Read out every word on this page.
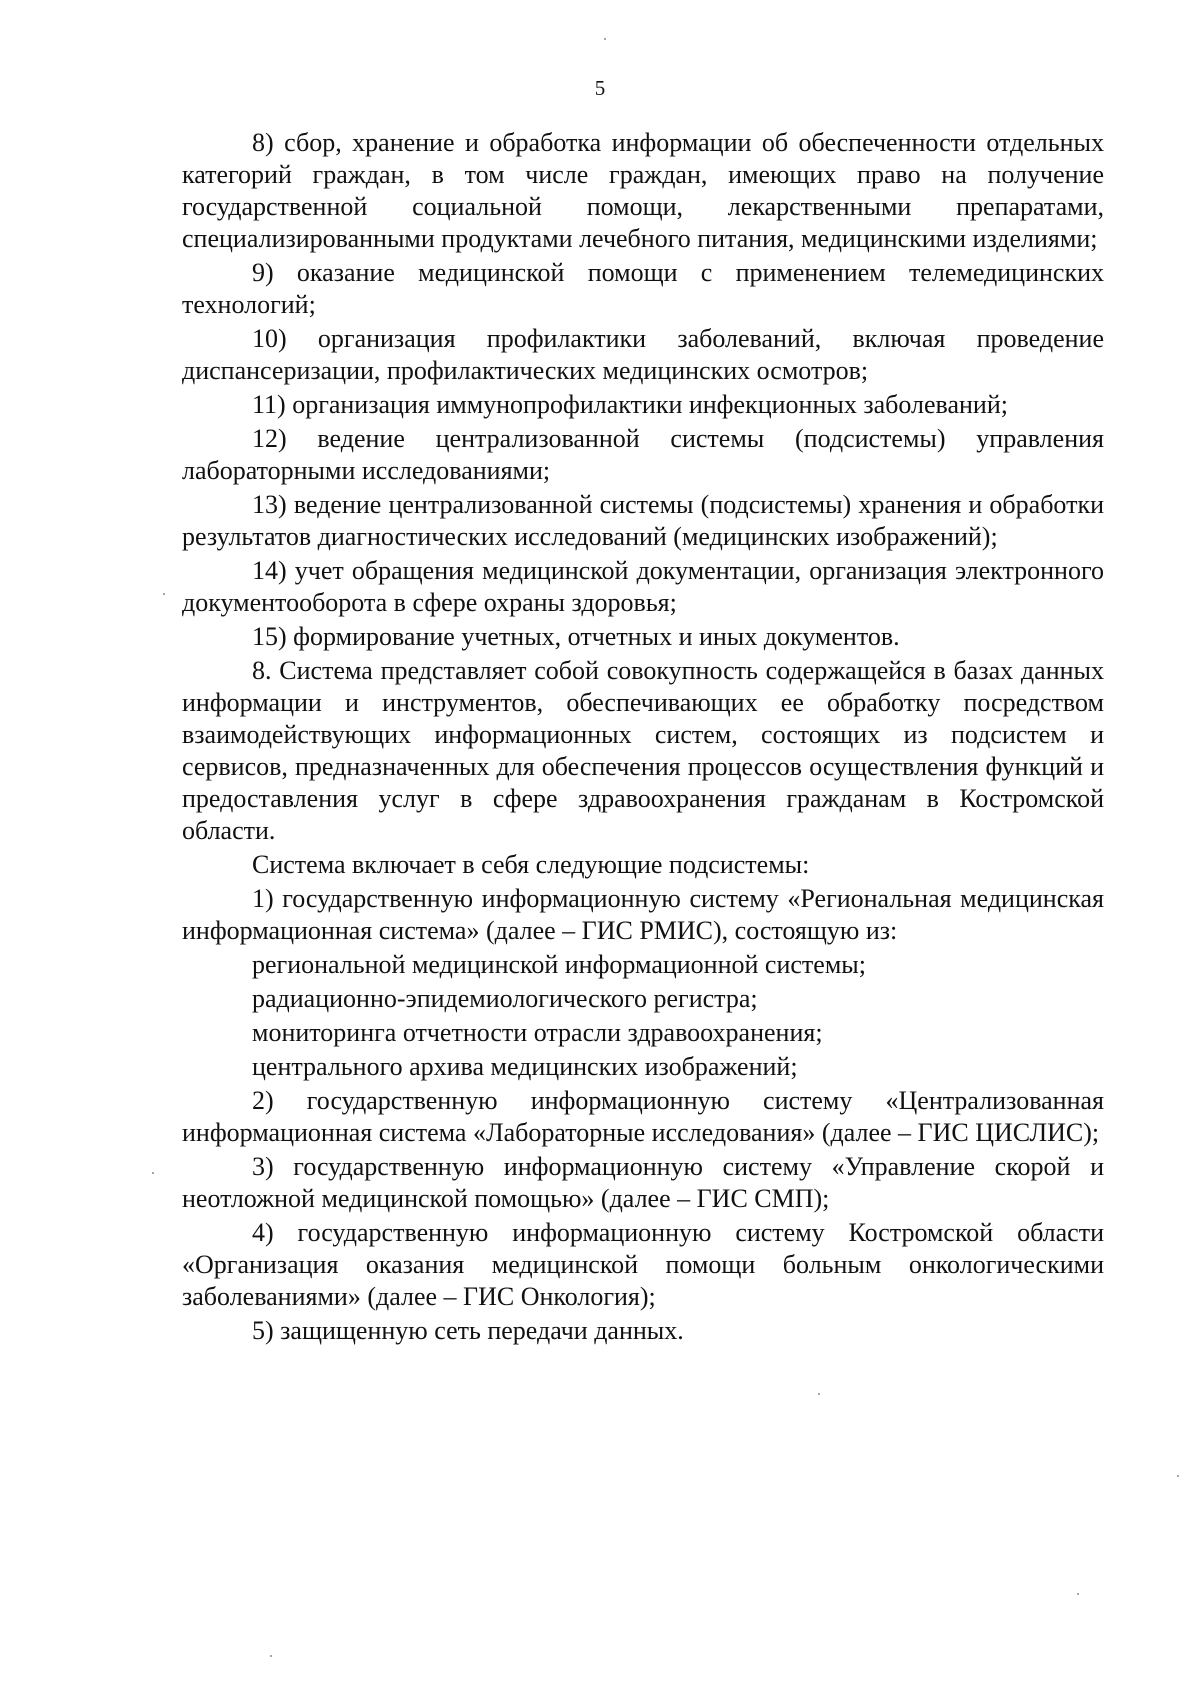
5

8) сбор, хранение и обработка информации об обеспеченности отдельных категорий граждан, в том числе граждан, имеющих право на получение государственной социальной помощи, лекарственными препаратами, специализированными продуктами лечебного питания, медицинскими изделиями;

9) оказание медицинской помощи с применением телемедицинских технологий;

10) организация профилактики заболеваний, включая проведение диспансеризации, профилактических медицинских осмотров;

11) организация иммунопрофилактики инфекционных заболеваний;

12) ведение централизованной системы (подсистемы) управления лабораторными исследованиями;

13) ведение централизованной системы (подсистемы) хранения и обработки результатов диагностических исследований (медицинских изображений);

14) учет обращения медицинской документации, организация электронного документооборота в сфере охраны здоровья;

15) формирование учетных, отчетных и иных документов.

8. Система представляет собой совокупность содержащейся в базах данных информации и инструментов, обеспечивающих ее обработку посредством взаимодействующих информационных систем, состоящих из подсистем и сервисов, предназначенных для обеспечения процессов осуществления функций и предоставления услуг в сфере здравоохранения гражданам в Костромской области.

Система включает в себя следующие подсистемы:

1) государственную информационную систему «Региональная медицинская информационная система» (далее – ГИС РМИС), состоящую из:

региональной медицинской информационной системы;

радиационно-эпидемиологического регистра;

мониторинга отчетности отрасли здравоохранения;

центрального архива медицинских изображений;

2) государственную информационную систему «Централизованная информационная система «Лабораторные исследования» (далее – ГИС ЦИСЛИС);

3) государственную информационную систему «Управление скорой и неотложной медицинской помощью» (далее – ГИС СМП);

4) государственную информационную систему Костромской области «Организация оказания медицинской помощи больным онкологическими заболеваниями» (далее – ГИС Онкология);

5) защищенную сеть передачи данных.
